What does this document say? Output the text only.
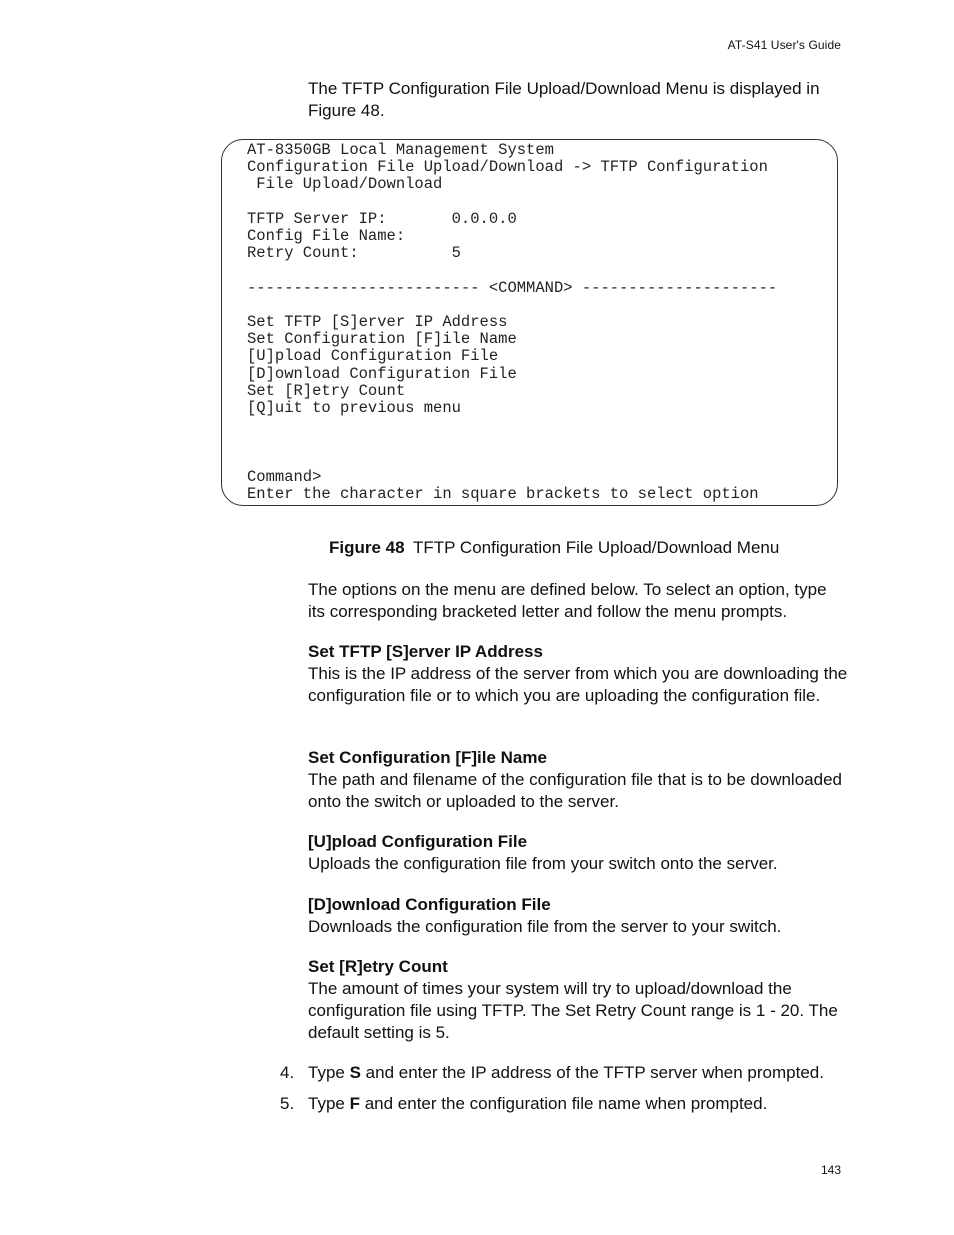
AT-S41 User's Guide
The TFTP Configuration File Upload/Download Menu is displayed in Figure 48.
AT-8350GB Local Management System
Configuration File Upload/Download -> TFTP Configuration
File Upload/Download

TFTP Server IP:       0.0.0.0
Config File Name:
Retry Count:          5

------------------------- <COMMAND> ---------------------

Set TFTP [S]erver IP Address
Set Configuration [F]ile Name
[U]pload Configuration File
[D]ownload Configuration File
Set [R]etry Count
[Q]uit to previous menu

Command>
Enter the character in square brackets to select option
Figure 48 TFTP Configuration File Upload/Download Menu
The options on the menu are defined below. To select an option, type its corresponding bracketed letter and follow the menu prompts.
Set TFTP [S]erver IP Address
This is the IP address of the server from which you are downloading the configuration file or to which you are uploading the configuration file.
Set Configuration [F]ile Name
The path and filename of the configuration file that is to be downloaded onto the switch or uploaded to the server.
[U]pload Configuration File
Uploads the configuration file from your switch onto the server.
[D]ownload Configuration File
Downloads the configuration file from the server to your switch.
Set [R]etry Count
The amount of times your system will try to upload/download the configuration file using TFTP. The Set Retry Count range is 1 - 20. The default setting is 5.
4. Type S and enter the IP address of the TFTP server when prompted.
5. Type F and enter the configuration file name when prompted.
143
